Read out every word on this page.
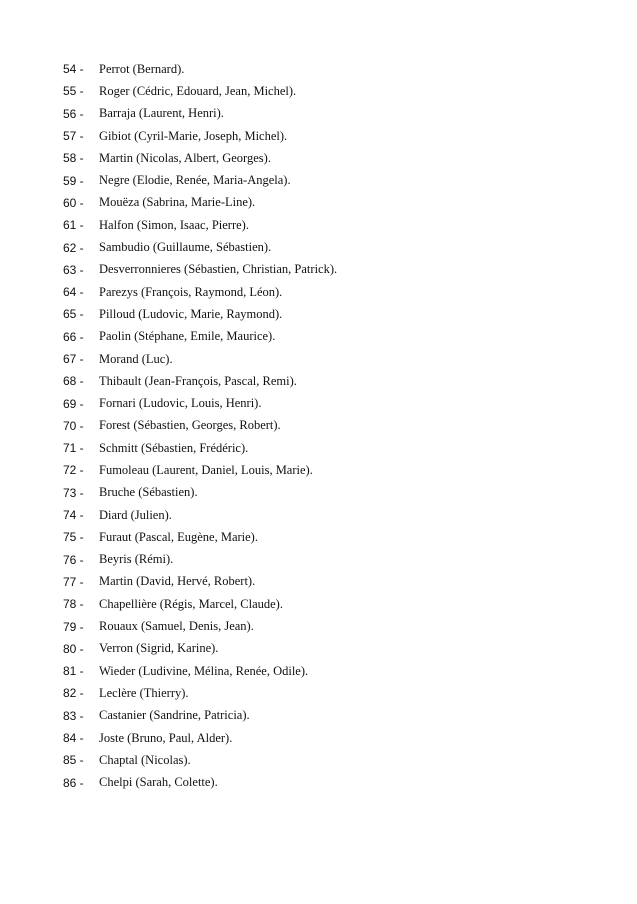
54 -	Perrot (Bernard).
55 -	Roger (Cédric, Edouard, Jean, Michel).
56 -	Barraja (Laurent, Henri).
57 -	Gibiot (Cyril-Marie, Joseph, Michel).
58 -	Martin (Nicolas, Albert, Georges).
59 -	Negre (Elodie, Renée, Maria-Angela).
60 -	Mouëza (Sabrina, Marie-Line).
61 -	Halfon (Simon, Isaac, Pierre).
62 -	Sambudio (Guillaume, Sébastien).
63 -	Desverronnieres (Sébastien, Christian, Patrick).
64 -	Parezys (François, Raymond, Léon).
65 -	Pilloud (Ludovic, Marie, Raymond).
66 -	Paolin (Stéphane, Emile, Maurice).
67 -	Morand (Luc).
68 -	Thibault (Jean-François, Pascal, Remi).
69 -	Fornari (Ludovic, Louis, Henri).
70 -	Forest (Sébastien, Georges, Robert).
71 -	Schmitt (Sébastien, Frédéric).
72 -	Fumoleau (Laurent, Daniel, Louis, Marie).
73 -	Bruche (Sébastien).
74 -	Diard (Julien).
75 -	Furaut (Pascal, Eugène, Marie).
76 -	Beyris (Rémi).
77 -	Martin (David, Hervé, Robert).
78 -	Chapellière (Régis, Marcel, Claude).
79 -	Rouaux (Samuel, Denis, Jean).
80 -	Verron (Sigrid, Karine).
81 -	Wieder (Ludivine, Mélina, Renée, Odile).
82 -	Leclère (Thierry).
83 -	Castanier (Sandrine, Patricia).
84 -	Joste (Bruno, Paul, Alder).
85 -	Chaptal (Nicolas).
86 -	Chelpi (Sarah, Colette).
